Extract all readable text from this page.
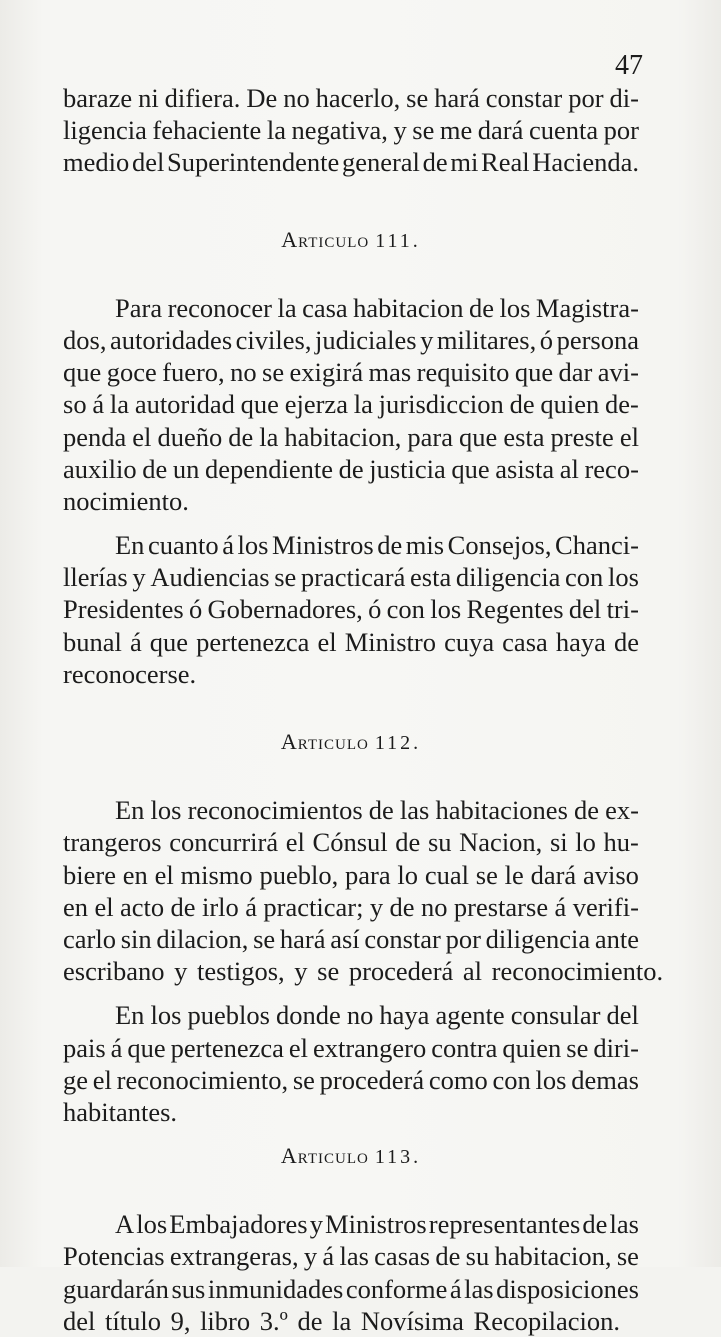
47
baraze ni difiera. De no hacerlo, se hará constar por di-
ligencia fehaciente la negativa, y se me dará cuenta por
medio del Superintendente general de mi Real Hacienda.
Articulo 111.
Para reconocer la casa habitacion de los Magistra-
dos, autoridades civiles, judiciales y militares, ó persona
que goce fuero, no se exigirá mas requisito que dar avi-
so á la autoridad que ejerza la jurisdiccion de quien de-
penda el dueño de la habitacion, para que esta preste el
auxilio de un dependiente de justicia que asista al reco-
nocimiento.
En cuanto á los Ministros de mis Consejos, Chanci-
llerías y Audiencias se practicará esta diligencia con los
Presidentes ó Gobernadores, ó con los Regentes del tri-
bunal á que pertenezca el Ministro cuya casa haya de
reconocerse.
Articulo 112.
En los reconocimientos de las habitaciones de ex-
trangeros concurrirá el Cónsul de su Nacion, si lo hu-
biere en el mismo pueblo, para lo cual se le dará aviso
en el acto de irlo á practicar; y de no prestarse á verifi-
carlo sin dilacion, se hará así constar por diligencia ante
escribano y testigos, y se procederá al reconocimiento.
En los pueblos donde no haya agente consular del
pais á que pertenezca el extrangero contra quien se diri-
ge el reconocimiento, se procederá como con los demas
habitantes.
Articulo 113.
A los Embajadores y Ministros representantes de las
Potencias extrangeras, y á las casas de su habitacion, se
guardarán sus inmunidades conforme á las disposiciones
del título 9, libro 3.º de la Novísima Recopilacion.
